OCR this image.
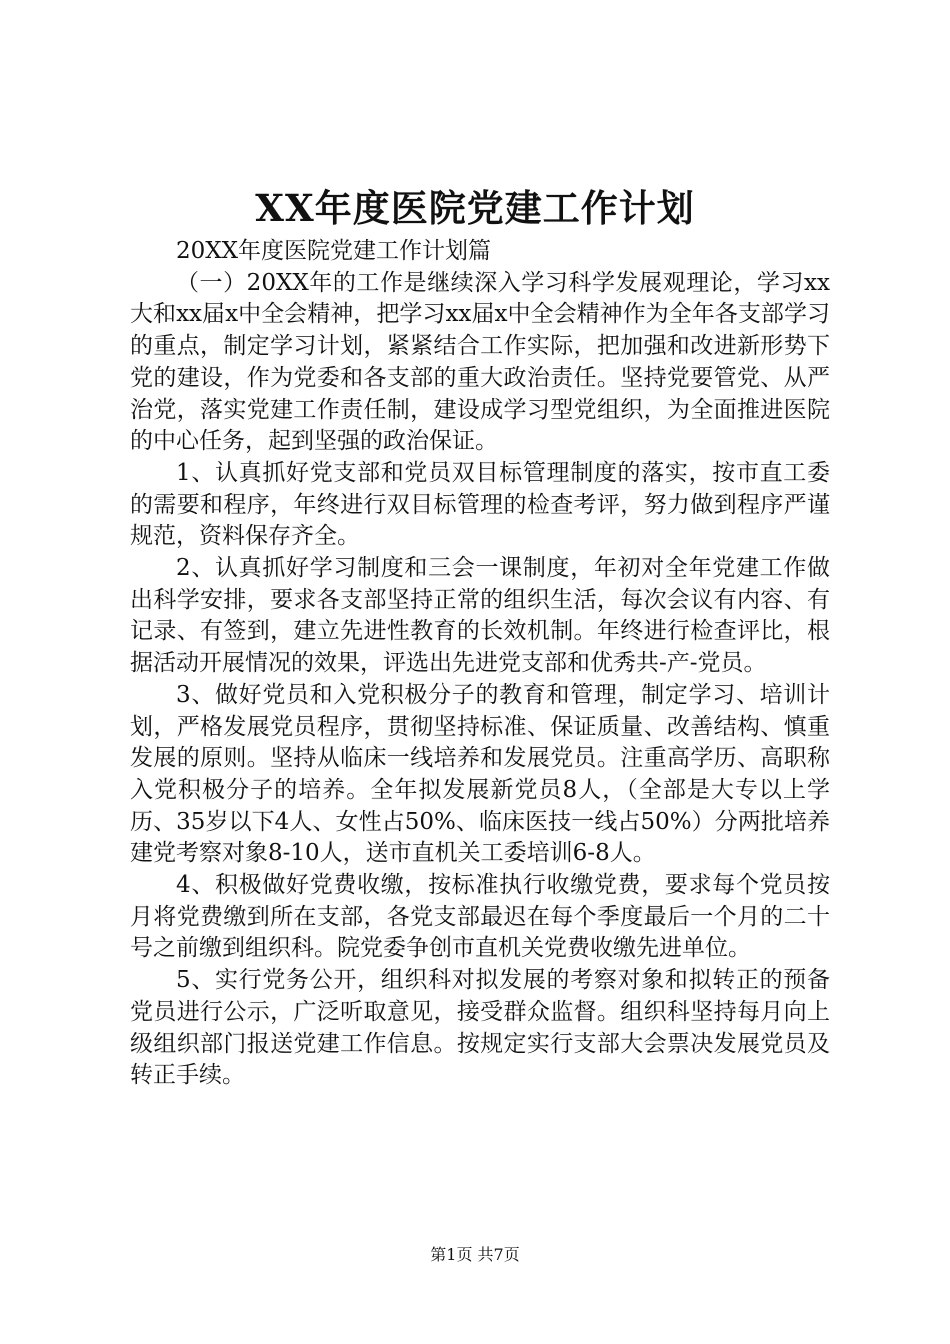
XX年度医院党建工作计划

20XX年度医院党建工作计划篇

（一）20XX年的工作是继续深入学习科学发展观理论，学习xx大和xx届x中全会精神，把学习xx届x中全会精神作为全年各支部学习的重点，制定学习计划，紧紧结合工作实际，把加强和改进新形势下党的建设，作为党委和各支部的重大政治责任。坚持党要管党、从严治党，落实党建工作责任制，建设成学习型党组织，为全面推进医院的中心任务，起到坚强的政治保证。

1、认真抓好党支部和党员双目标管理制度的落实，按市直工委的需要和程序，年终进行双目标管理的检查考评，努力做到程序严谨规范，资料保存齐全。

2、认真抓好学习制度和三会一课制度，年初对全年党建工作做出科学安排，要求各支部坚持正常的组织生活，每次会议有内容、有记录、有签到，建立先进性教育的长效机制。年终进行检查评比，根据活动开展情况的效果，评选出先进党支部和优秀共-产-党员。

3、做好党员和入党积极分子的教育和管理，制定学习、培训计划，严格发展党员程序，贯彻坚持标准、保证质量、改善结构、慎重发展的原则。坚持从临床一线培养和发展党员。注重高学历、高职称入党积极分子的培养。全年拟发展新党员8人，（全部是大专以上学历、35岁以下4人、女性占50%、临床医技一线占50%）分两批培养建党考察对象8-10人，送市直机关工委培训6-8人。

4、积极做好党费收缴，按标准执行收缴党费，要求每个党员按月将党费缴到所在支部，各党支部最迟在每个季度最后一个月的二十号之前缴到组织科。院党委争创市直机关党费收缴先进单位。

5、实行党务公开，组织科对拟发展的考察对象和拟转正的预备党员进行公示，广泛听取意见，接受群众监督。组织科坚持每月向上级组织部门报送党建工作信息。按规定实行支部大会票决发展党员及转正手续。

第1页 共7页
